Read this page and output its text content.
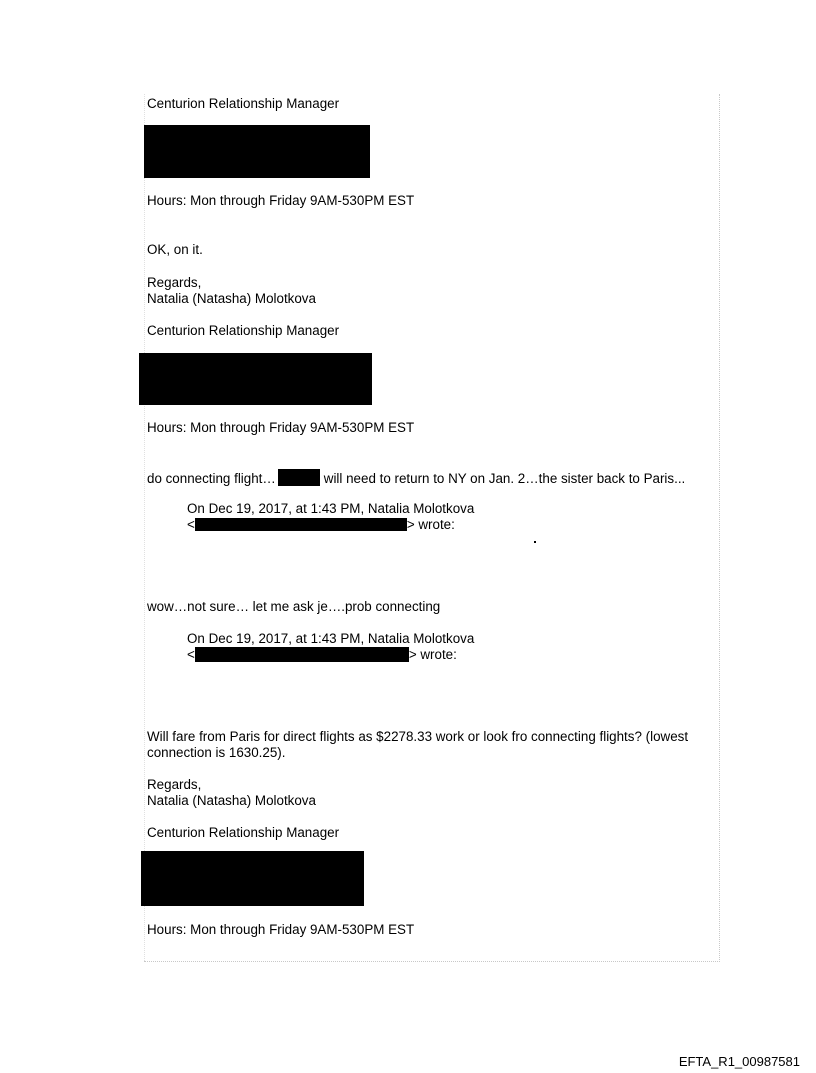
Centurion Relationship Manager
Hours: Mon through Friday 9AM-530PM EST
OK, on it.
Regards,
Natalia (Natasha) Molotkova
Centurion Relationship Manager
Hours: Mon through Friday 9AM-530PM EST
do connecting flight…	will need to return to NY on Jan. 2…the sister back to Paris...
On Dec 19, 2017, at 1:43 PM, Natalia Molotkova
<	> wrote:
wow…not sure… let me ask je….prob connecting
On Dec 19, 2017, at 1:43 PM, Natalia Molotkova
<	> wrote:
Will fare from Paris for direct flights as $2278.33 work or look fro connecting flights? (lowest connection is 1630.25).
Regards,
Natalia (Natasha) Molotkova
Centurion Relationship Manager
Hours: Mon through Friday 9AM-530PM EST
EFTA_R1_00987581
